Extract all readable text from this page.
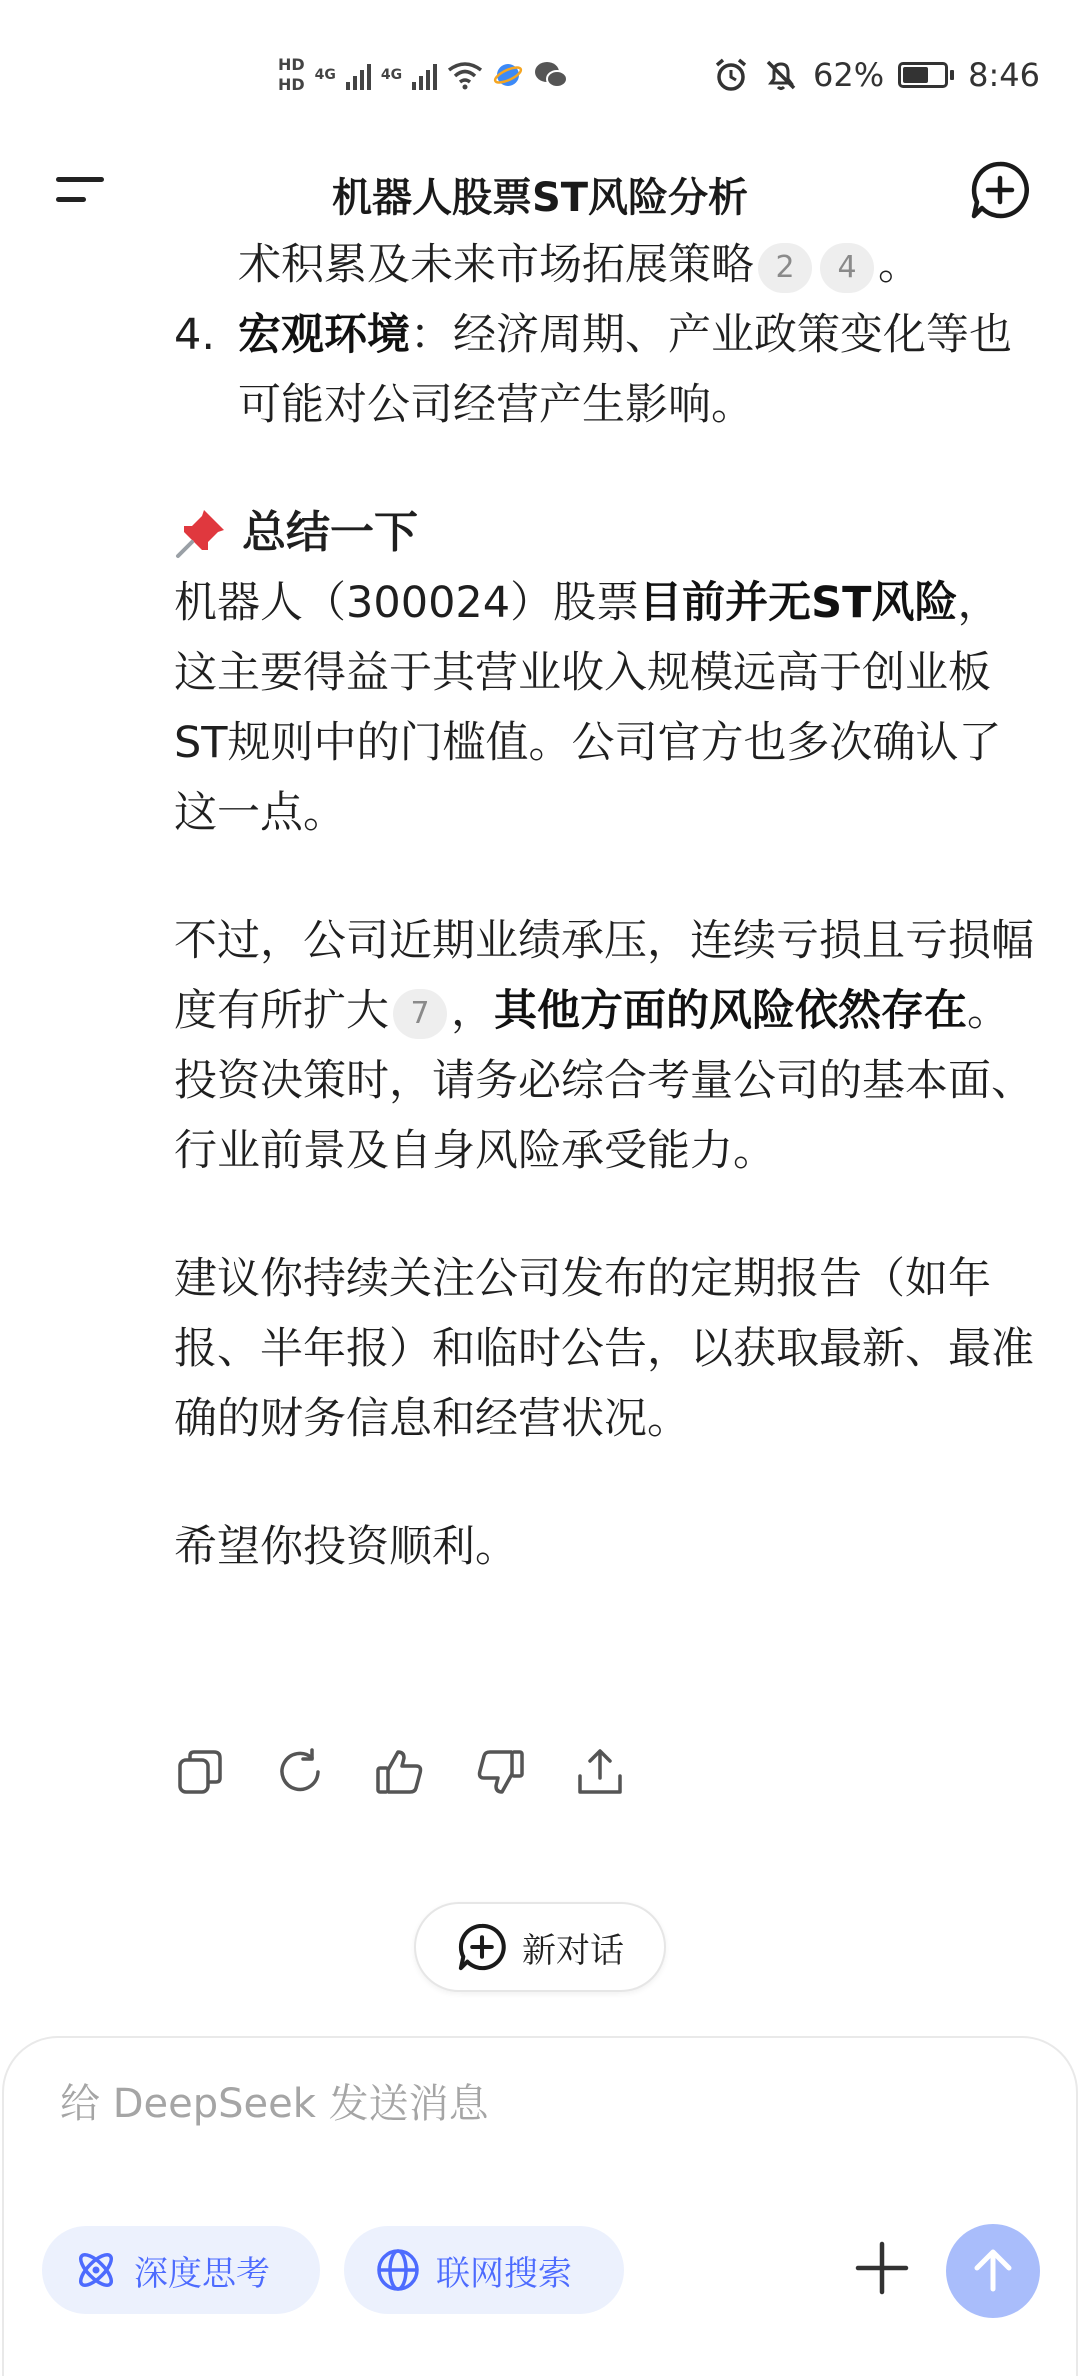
HD
HD 4G	4G	62%	8:46
机器人股票ST风险分析

术积累及未来市场拓展策略 2 4 。

4. 宏观环境：经济周期、产业政策变化等也可能对公司经营产生影响。
总结一下

机器人（300024）股票目前并无ST风险，这主要得益于其营业收入规模远高于创业板ST规则中的门槛值。公司官方也多次确认了这一点。

不过，公司近期业绩承压，连续亏损且亏损幅度有所扩大 7 ，其他方面的风险依然存在。投资决策时，请务必综合考量公司的基本面、行业前景及自身风险承受能力。

建议你持续关注公司发布的定期报告（如年报、半年报）和临时公告，以获取最新、最准确的财务信息和经营状况。

希望你投资顺利。

新对话
给 DeepSeek 发送消息
深度思考	联网搜索
